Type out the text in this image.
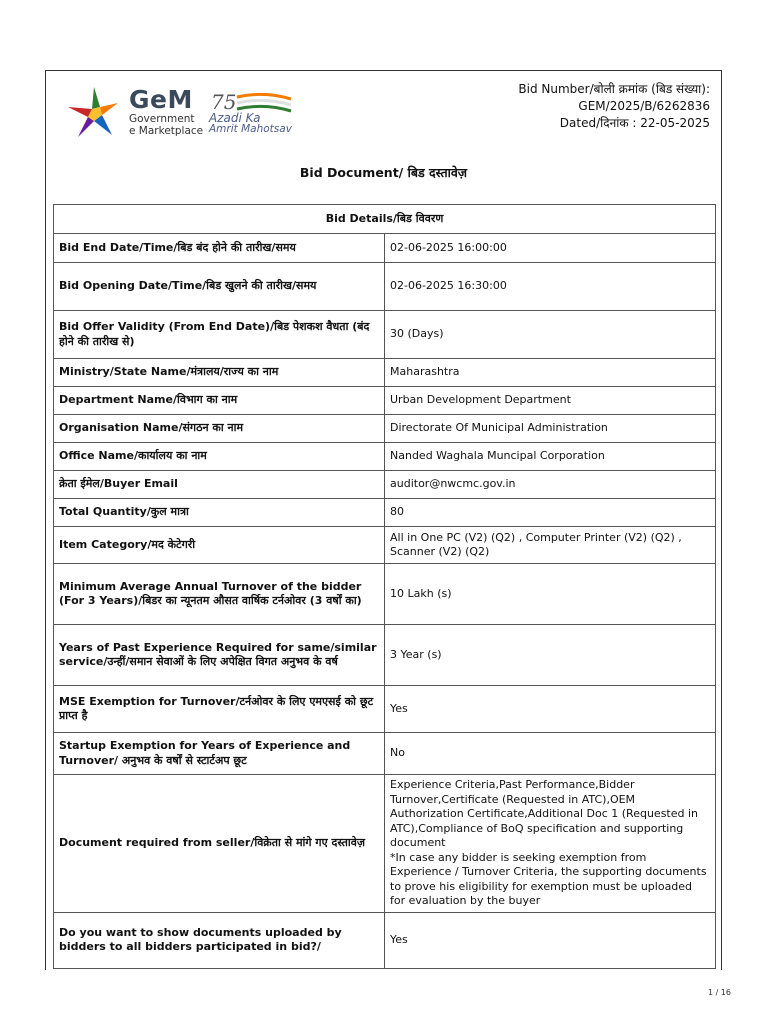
GeM
Government
e Marketplace
75
Azadi Ka
Amrit Mahotsav
Bid Number/बोली क्रमांक (बिड संख्या):
GEM/2025/B/6262836
Dated/दिनांक : 22-05-2025
Bid Document/ बिड दस्तावेज़
Bid Details/बिड विवरण	
Bid End Date/Time/बिड बंद होने की तारीख/समय	02-06-2025 16:00:00
Bid Opening Date/Time/बिड खुलने की तारीख/समय	02-06-2025 16:30:00
Bid Offer Validity (From End Date)/बिड पेशकश वैधता (बंद होने की तारीख से)	30 (Days)
Ministry/State Name/मंत्रालय/राज्य का नाम	Maharashtra
Department Name/विभाग का नाम	Urban Development Department
Organisation Name/संगठन का नाम	Directorate Of Municipal Administration
Office Name/कार्यालय का नाम	Nanded Waghala Muncipal Corporation
क्रेता ईमेल/Buyer Email	auditor@nwcmc.gov.in
Total Quantity/कुल मात्रा	80
Item Category/मद केटेगरी	All in One PC (V2) (Q2) , Computer Printer (V2) (Q2) , Scanner (V2) (Q2)
Minimum Average Annual Turnover of the bidder (For 3 Years)/बिडर का न्यूनतम औसत वार्षिक टर्नओवर (3 वर्षों का)	10 Lakh (s)
Years of Past Experience Required for same/similar service/उन्हीं/समान सेवाओं के लिए अपेक्षित विगत अनुभव के वर्ष	3 Year (s)
MSE Exemption for Turnover/टर्नओवर के लिए एमएसई को छूट प्राप्त है	Yes
Startup Exemption for Years of Experience and Turnover/ अनुभव के वर्षों से स्टार्टअप छूट	No
Document required from seller/विक्रेता से मांगे गए दस्तावेज़	Experience Criteria,Past Performance,Bidder Turnover,Certificate (Requested in ATC),OEM Authorization Certificate,Additional Doc 1 (Requested in ATC),Compliance of BoQ specification and supporting document
*In case any bidder is seeking exemption from Experience / Turnover Criteria, the supporting documents to prove his eligibility for exemption must be uploaded for evaluation by the buyer
Do you want to show documents uploaded by bidders to all bidders participated in bid?/	Yes
1 / 16
